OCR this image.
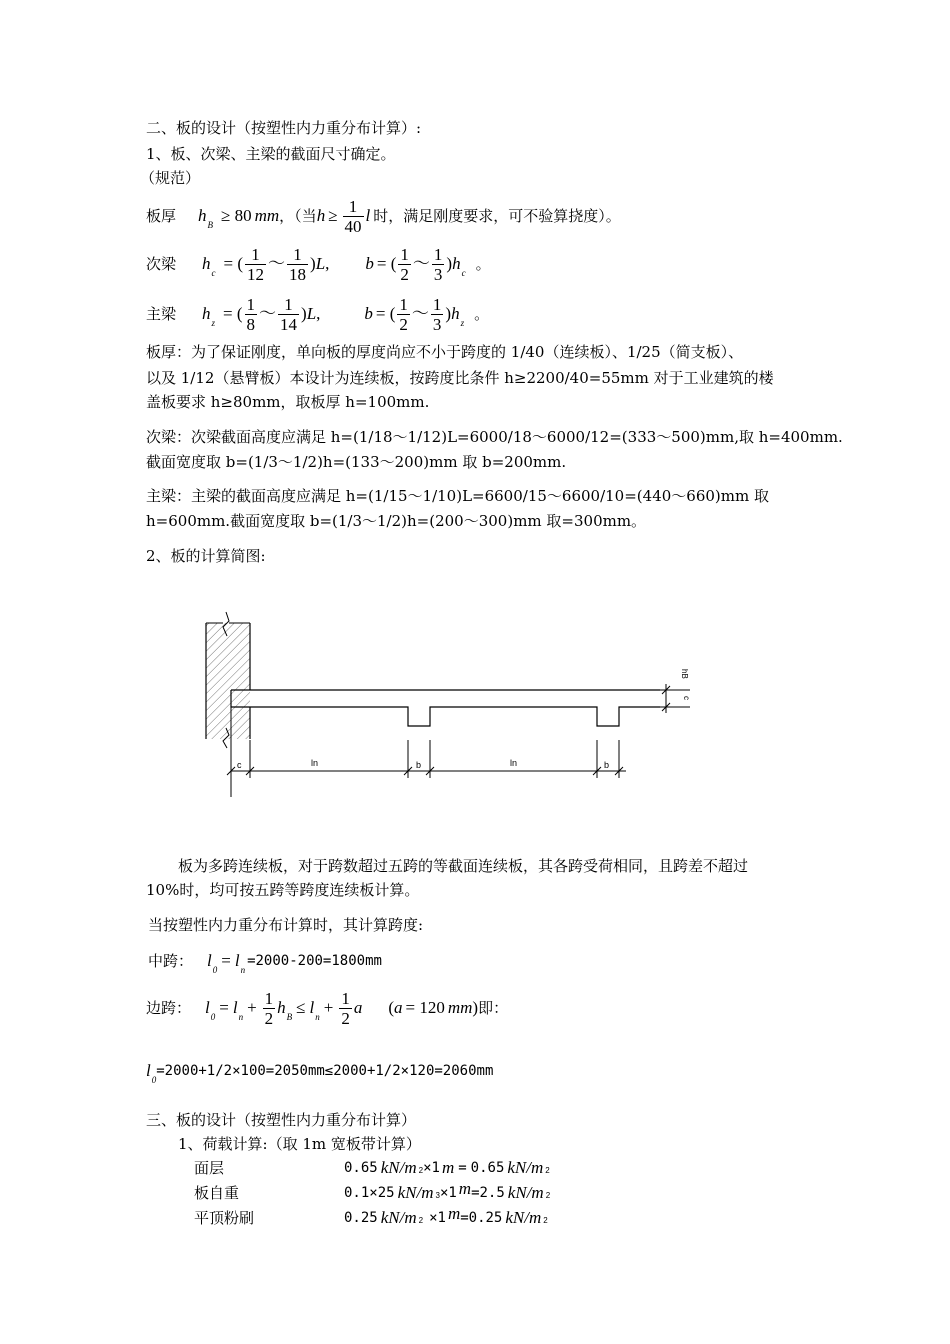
二、板的设计（按塑性内力重分布计算）:
1、板、次梁、主梁的截面尺寸确定。
（规范）
板厚 h B ≥ 80 mm ，（当 $h \ge \frac{1}{40}$ l 时，满足刚度要求，可不验算挠度）。
次梁 h c = ( $\frac{1}{12}$ ～ $\frac{1}{18}$ ) L , b = ( $\frac{1}{2}$ ～ $\frac{1}{3}$ ) h c 。
主梁 h z = ( $\frac{1}{8}$ ～ $\frac{1}{14}$ ) L ,	b = ( $\frac{1}{2}$ ～ $\frac{1}{3}$ ) h z 。
板厚：为了保证刚度，单向板的厚度尚应不小于跨度的 1/40（连续板）、1/25（简支板）、
以及 1/12（悬臂板）本设计为连续板，按跨度比条件 h≥2200/40=55mm 对于工业建筑的楼
盖板要求 h≥80mm，取板厚 h=100mm.
次梁：次梁截面高度应满足 h=(1/18～1/12)L=6000/18～6000/12=(333～500)mm,取 h=400mm.
截面宽度取 b=(1/3～1/2)h=(133～200)mm 取 b=200mm.
主梁：主梁的截面高度应满足 h=(1/15～1/10)L=6600/15～6600/10=(440～660)mm 取
h=600mm.截面宽度取 b=(1/3～1/2)h=(200～300)mm 取=300mm。
2、板的计算简图:
hB
c
c	ln	b	ln	b
板为多跨连续板，对于跨数超过五跨的等截面连续板，其各跨受荷相同，且跨差不超过
10%时，均可按五跨等跨度连续板计算。
当按塑性内力重分布计算时，其计算跨度:
中跨： l 0 = l n
=2000-200=1800mm
边跨： l 0 = l $n + \frac{1}{2}$ h B ≤ l $n + \frac{1}{2}$ a ( a = 120 mm ) 即：
l 0
=2000+1/2×100=2050mm≤2000+1/2×120=2060mm
三、板的设计（按塑性内力重分布计算）
1、荷载计算:（取 1m 宽板带计算）
面层	0.65 kN / m 2 ×1 m = 0.65 kN / m 2
板自重	0.1×25 kN / m 3 ×1 m =2.5 kN / m 2
平顶粉刷	0.25 kN / m 2 ×1 m =0.25 kN / m 2
